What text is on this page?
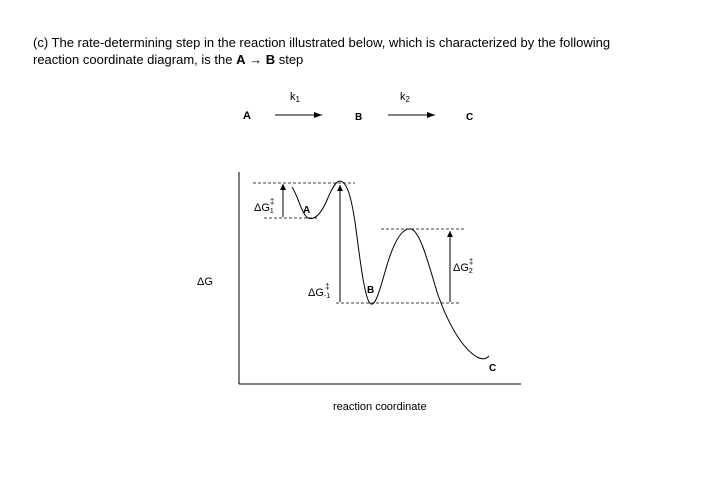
(c) The rate-determining step in the reaction illustrated below, which is characterized by the following
reaction coordinate diagram, is the A → B step
A
k1
B
k2
C
ΔG
reaction coordinate
A
B
C
ΔG1‡
ΔG-1‡
ΔG2‡
